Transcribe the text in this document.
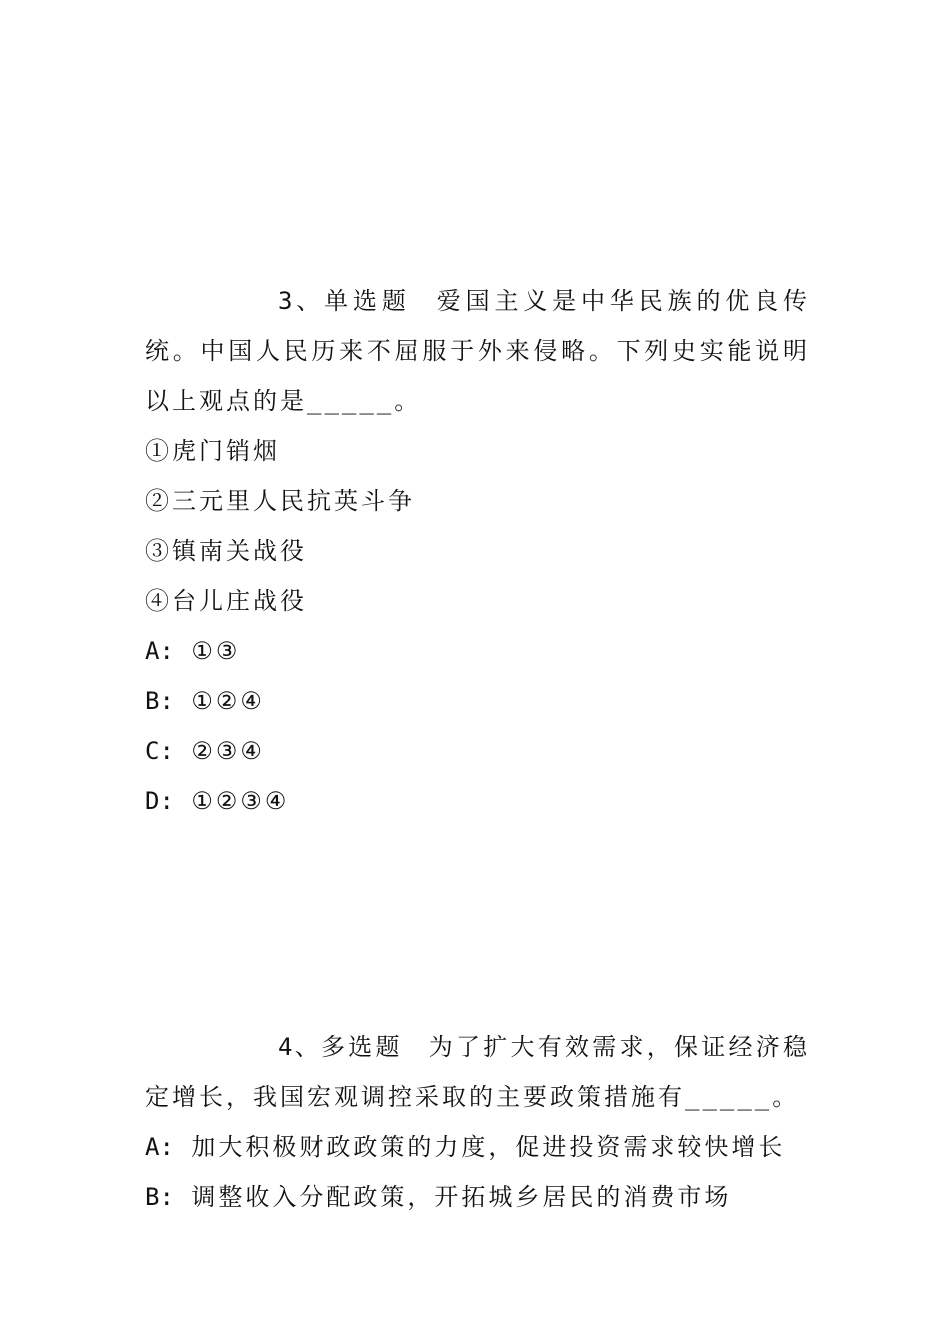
3、单选题 爱国主义是中华民族的优良传统。中国人民历来不屈服于外来侵略。下列史实能说明以上观点的是_____。

①虎门销烟

②三元里人民抗英斗争

③镇南关战役

④台儿庄战役

A: ①③

B: ①②④

C: ②③④

D: ①②③④

4、多选题 为了扩大有效需求，保证经济稳定增长，我国宏观调控采取的主要政策措施有_____。

A: 加大积极财政政策的力度，促进投资需求较快增长

B: 调整收入分配政策，开拓城乡居民的消费市场
